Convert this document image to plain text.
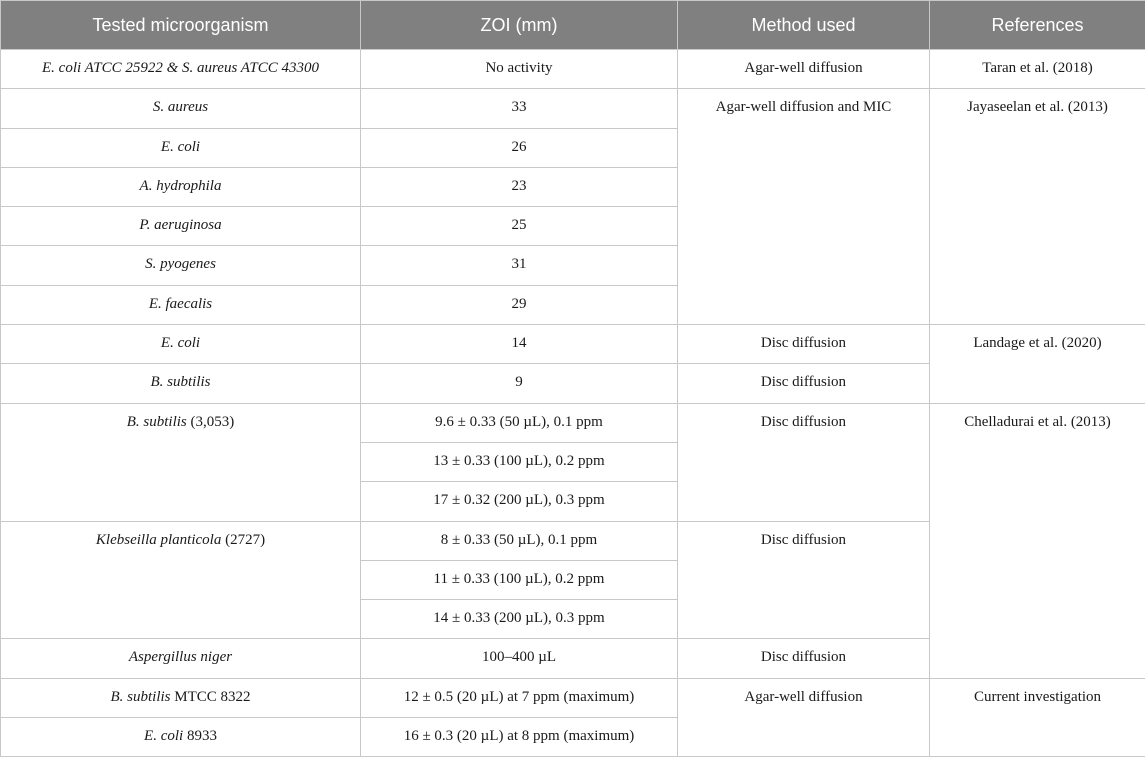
Tested microorganism	ZOI (mm)	Method used	References
E. coli ATCC 25922 & S. aureus ATCC 43300	No activity	Agar-well diffusion	Taran et al. (2018)
S. aureus	33	Agar-well diffusion and MIC	Jayaseelan et al. (2013)
E. coli	26		
A. hydrophila	23		
P. aeruginosa	25		
S. pyogenes	31		
E. faecalis	29		
E. coli	14	Disc diffusion	Landage et al. (2020)
B. subtilis	9	Disc diffusion	
B. subtilis (3,053)	9.6 ± 0.33 (50 µL), 0.1 ppm	Disc diffusion	Chelladurai et al. (2013)
	13 ± 0.33 (100 µL), 0.2 ppm		
	17 ± 0.32 (200 µL), 0.3 ppm		
Klebseilla planticola (2727)	8 ± 0.33 (50 µL), 0.1 ppm	Disc diffusion	
	11 ± 0.33 (100 µL), 0.2 ppm		
	14 ± 0.33 (200 µL), 0.3 ppm		
Aspergillus niger	100–400 µL	Disc diffusion	
B. subtilis MTCC 8322	12 ± 0.5 (20 µL) at 7 ppm (maximum)	Agar-well diffusion	Current investigation
E. coli 8933	16 ± 0.3 (20 µL) at 8 ppm (maximum)		
